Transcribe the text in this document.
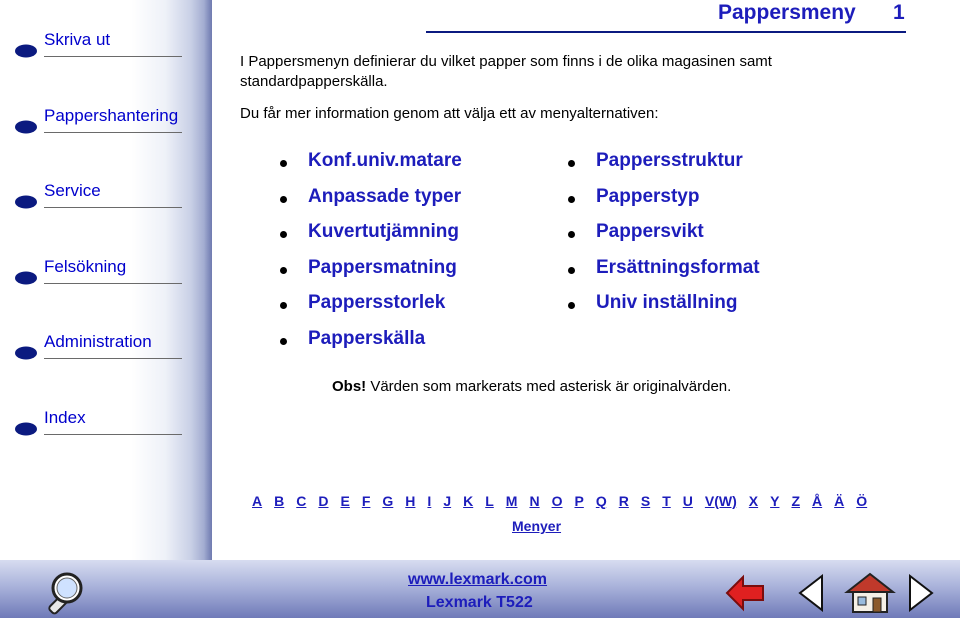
Skriva ut
Pappershantering
Service
Felsökning
Administration
Index
Pappersmeny 1
I Pappersmenyn definierar du vilket papper som finns i de olika magasinen samt standardpapperskälla.
Du får mer information genom att välja ett av menyalternativen:
Konf.univ.matare
Anpassade typer
Kuvertutjämning
Pappersmatning
Pappersstorlek
Papperskälla
Pappersstruktur
Papperstyp
Pappersvikt
Ersättningsformat
Univ inställning
Obs! Värden som markerats med asterisk är originalvärden.
A B C D E F G H I J K L M N O P Q R S T U V(W) X Y Z Å Ä Ö
Menyer
www.lexmark.com
Lexmark T522
